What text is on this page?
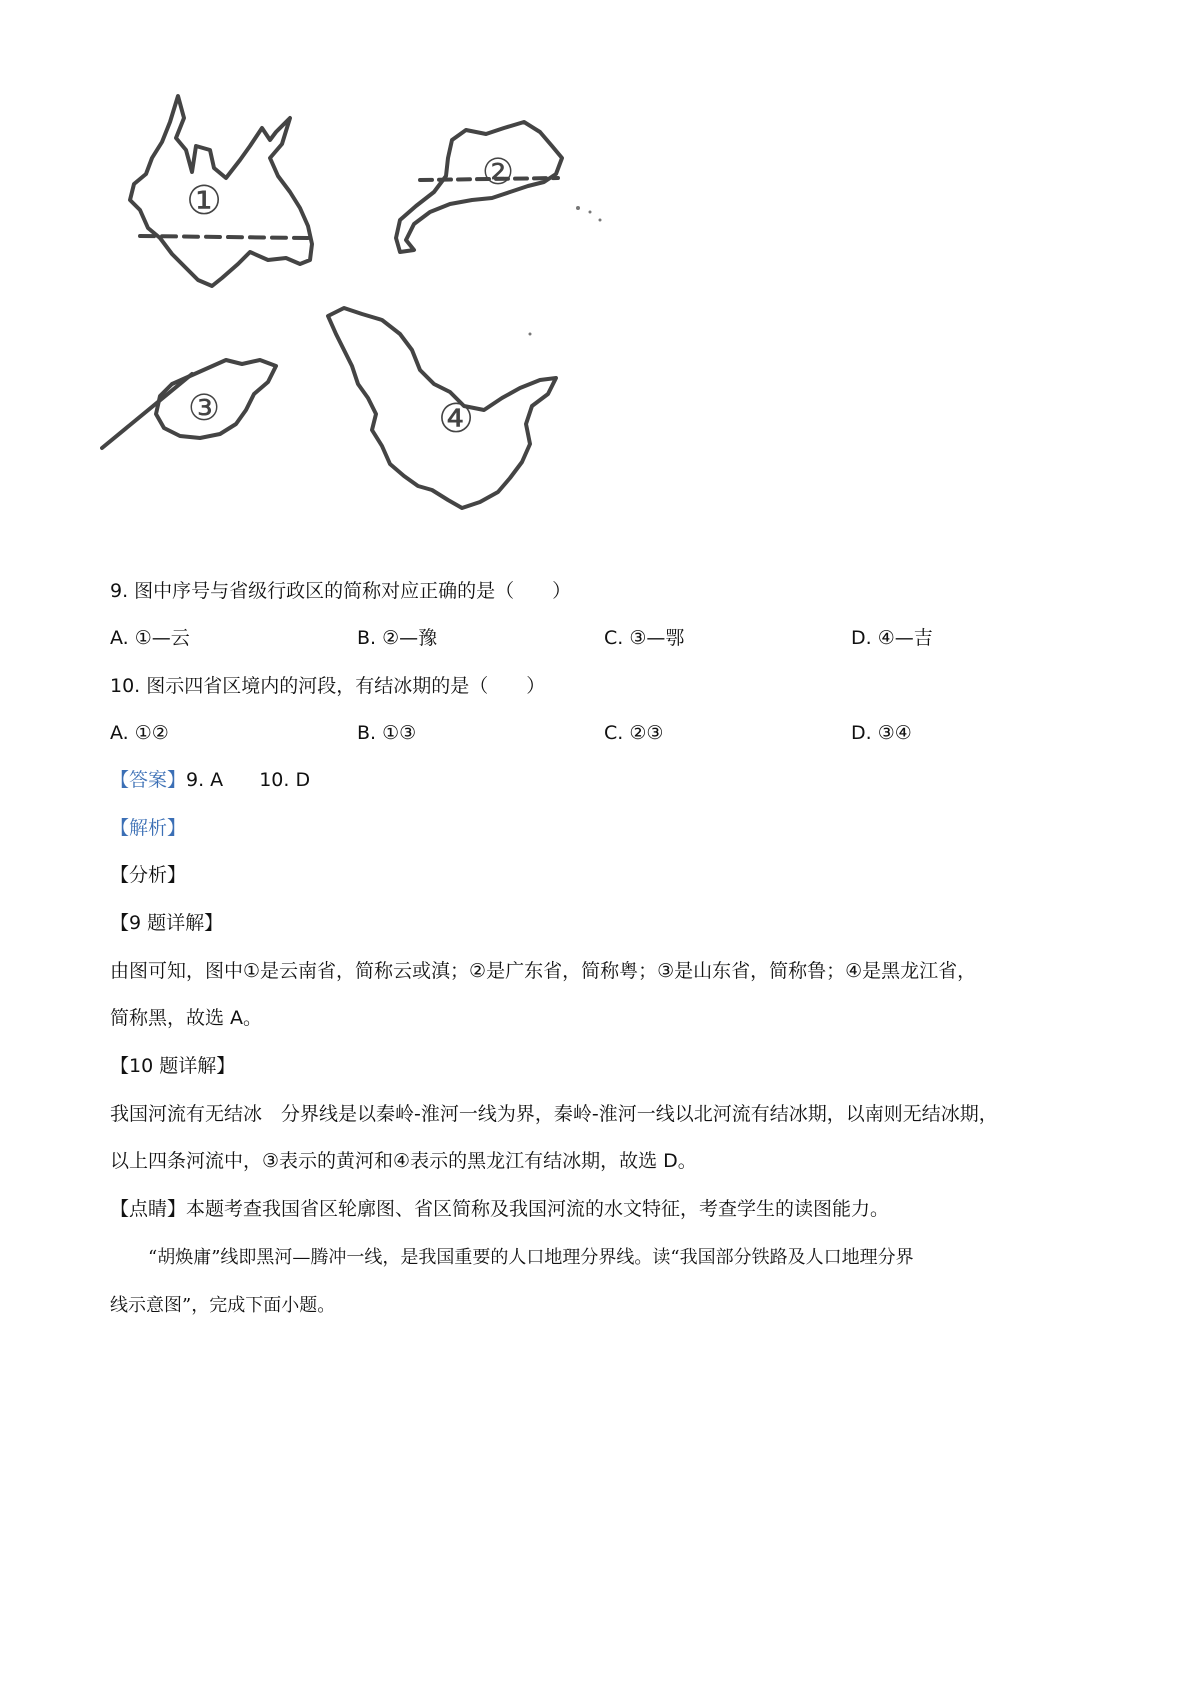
①
②
③	④
9. 图中序号与省级行政区的简称对应正确的是（　　）
A. ①—云	B. ②—豫	C. ③—鄂	D. ④—吉
10. 图示四省区境内的河段，有结冰期的是（　　）
A. ①②	B. ①③	C. ②③	D. ③④
【答案】9. A 10. D
【解析】
【分析】
【9 题详解】
由图可知，图中①是云南省，简称云或滇；②是广东省，简称粤；③是山东省，简称鲁；④是黑龙江省，
简称黑，故选 A。
【10 题详解】
我国河流有无结冰　分界线是以秦岭-淮河一线为界，秦岭-淮河一线以北河流有结冰期，以南则无结冰期，
以上四条河流中，③表示的黄河和④表示的黑龙江有结冰期，故选 D。
【点睛】本题考查我国省区轮廓图、省区简称及我国河流的水文特征，考查学生的读图能力。
“胡焕庸”线即黑河—腾冲一线，是我国重要的人口地理分界线。读“我国部分铁路及人口地理分界
线示意图”，完成下面小题。
